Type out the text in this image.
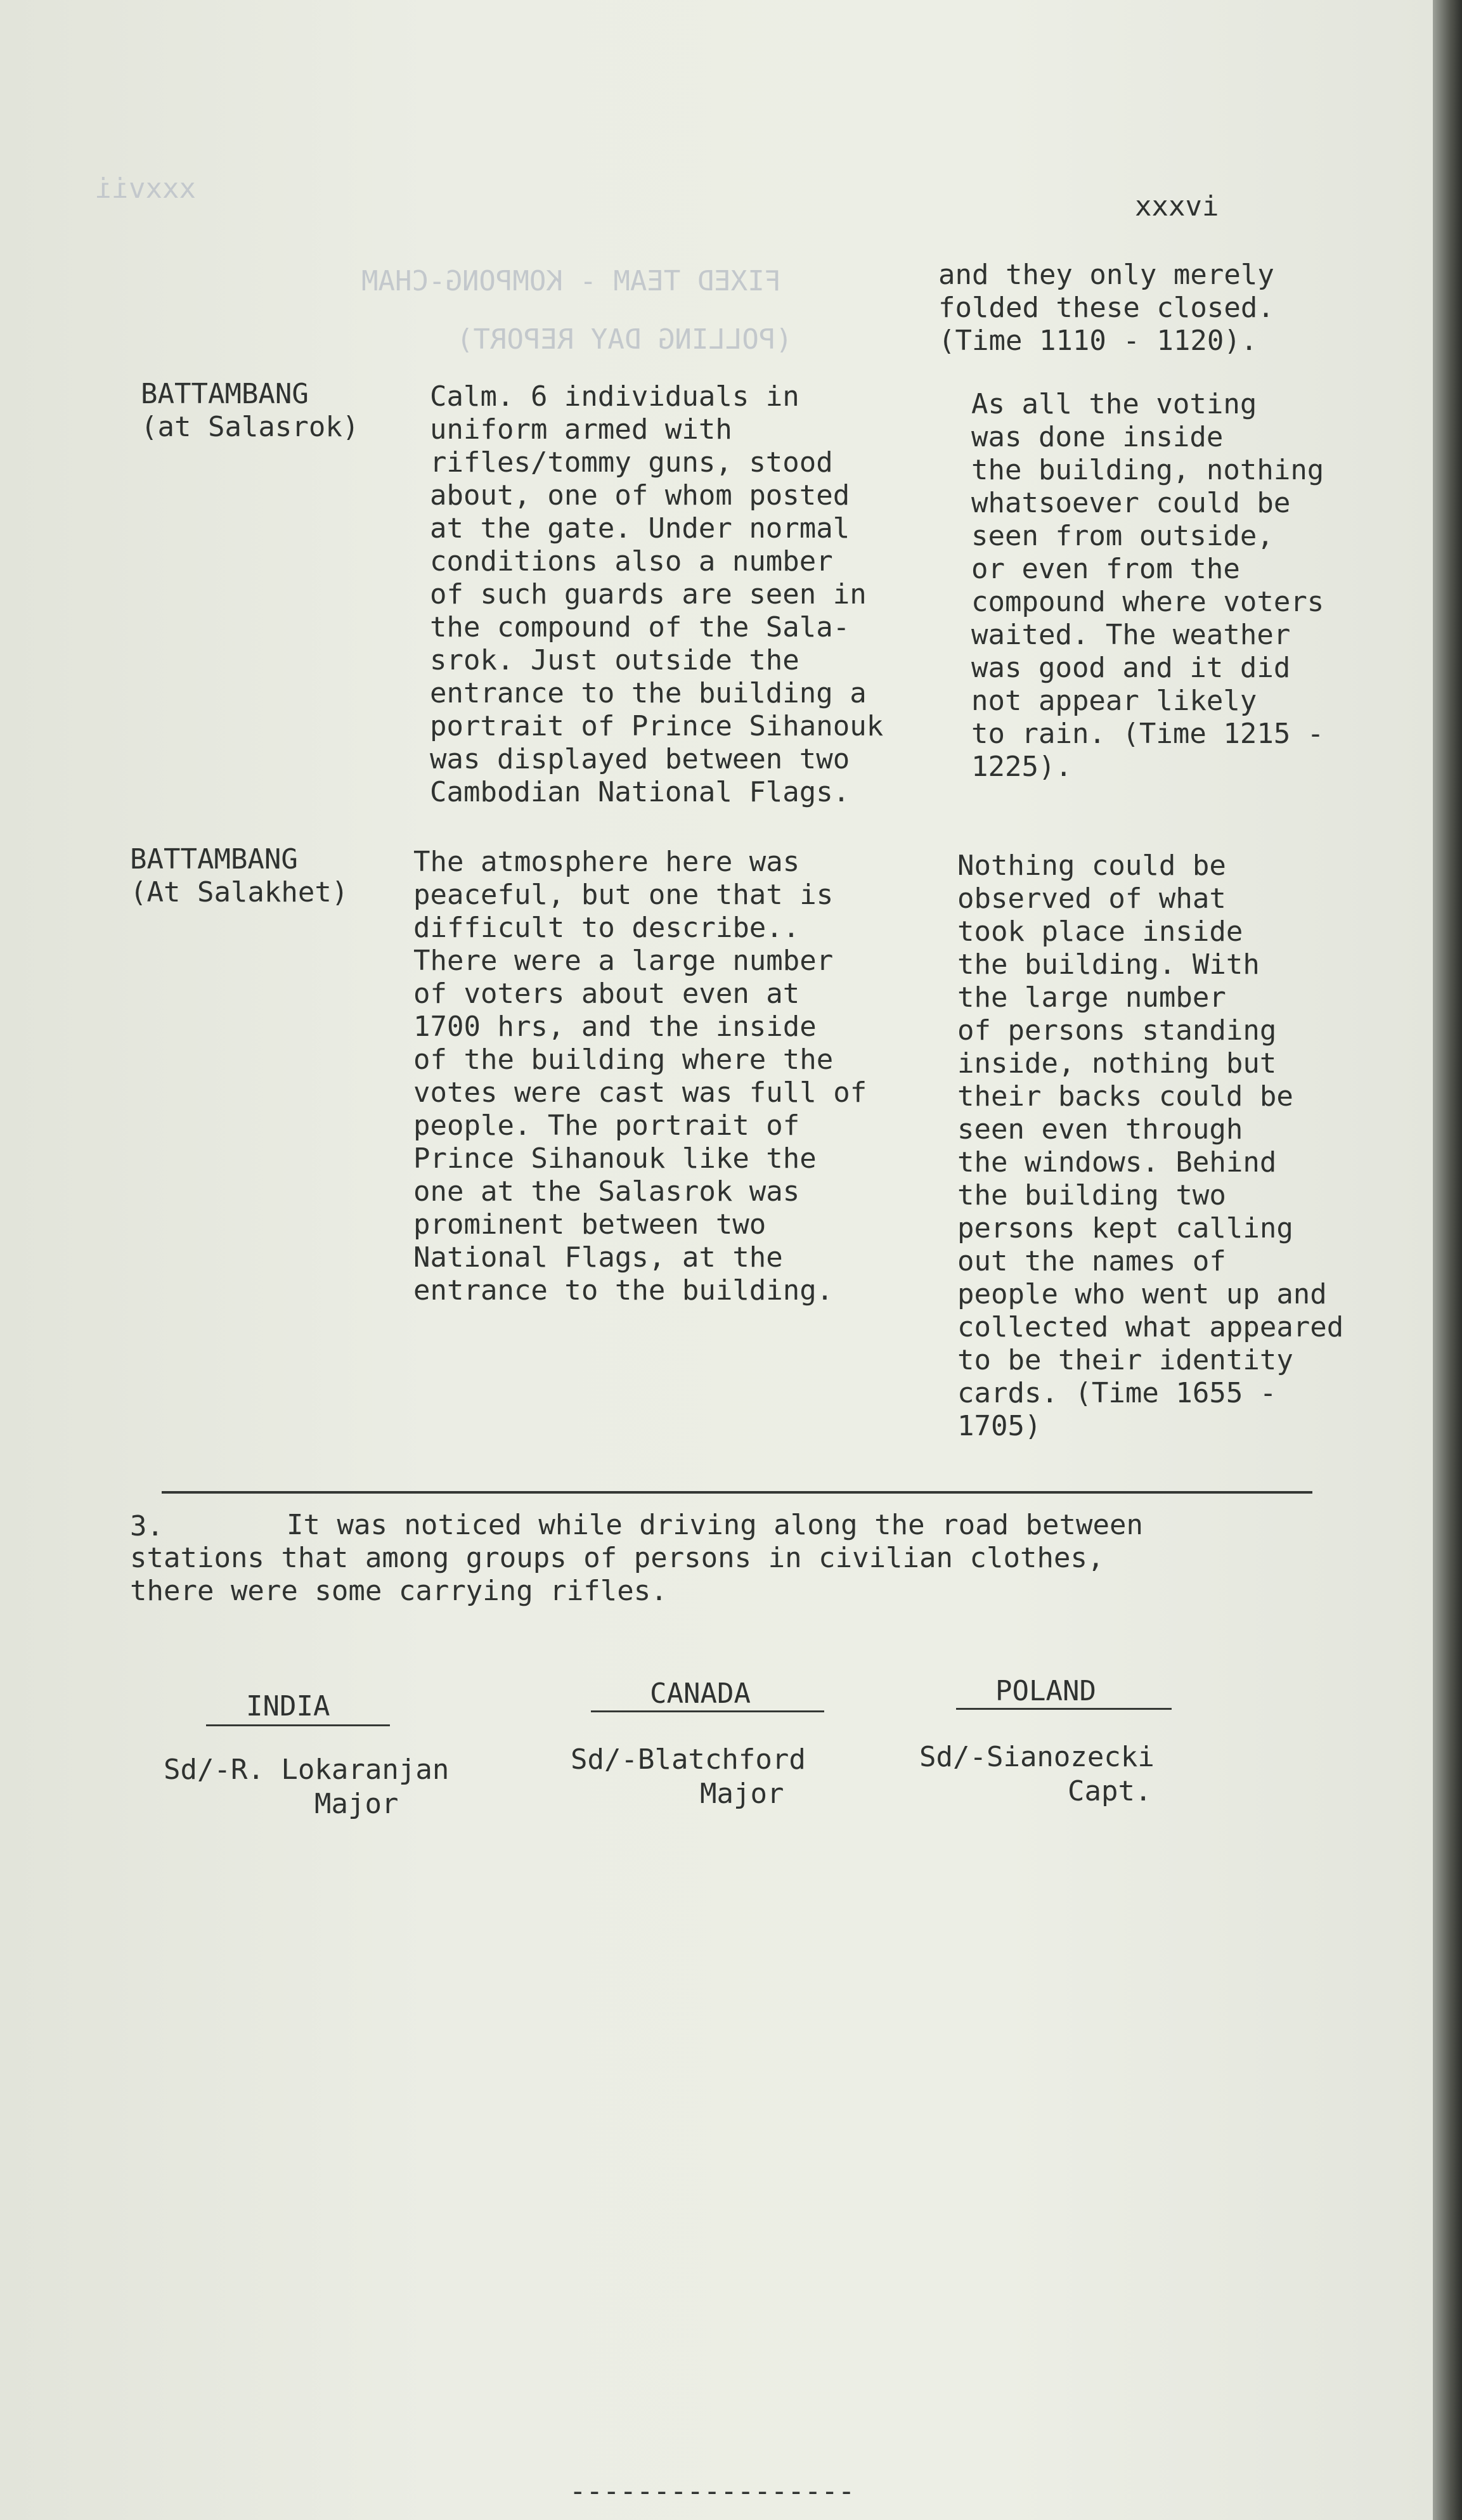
xxxvii
FIXED TEAM - KOMPONG-CHAM
(POLLING DAY REPORT)

xxxvi

and they only merely
folded these closed.
(Time 1110 - 1120).

BATTAMBANG
(at Salasrok)

Calm. 6 individuals in
uniform armed with
rifles/tommy guns, stood
about, one of whom posted
at the gate. Under normal
conditions also a number
of such guards are seen in
the compound of the Sala-
srok. Just outside the
entrance to the building a
portrait of Prince Sihanouk
was displayed between two
Cambodian National Flags.

As all the voting
was done inside
the building, nothing
whatsoever could be
seen from outside,
or even from the
compound where voters
waited. The weather
was good and it did
not appear likely
to rain. (Time 1215 -
1225).

BATTAMBANG
(At Salakhet)

The atmosphere here was
peaceful, but one that is
difficult to describe..
There were a large number
of voters about even at
1700 hrs, and the inside
of the building where the
votes were cast was full of
people. The portrait of
Prince Sihanouk like the
one at the Salasrok was
prominent between two
National Flags, at the
entrance to the building.

Nothing could be
observed of what
took place inside
the building. With
the large number
of persons standing
inside, nothing but
their backs could be
seen even through
the windows. Behind
the building two
persons kept calling
out the names of
people who went up and
collected what appeared
to be their identity
cards. (Time 1655 -
1705)

3.	It was noticed while driving along the road between

stations that among groups of persons in civilian clothes,
there were some carrying rifles.

INDIA

Sd/-R. Lokaranjan

Major

CANADA

Sd/-Blatchford

Major

POLAND

Sd/-Sianozecki

Capt.

-----------------
